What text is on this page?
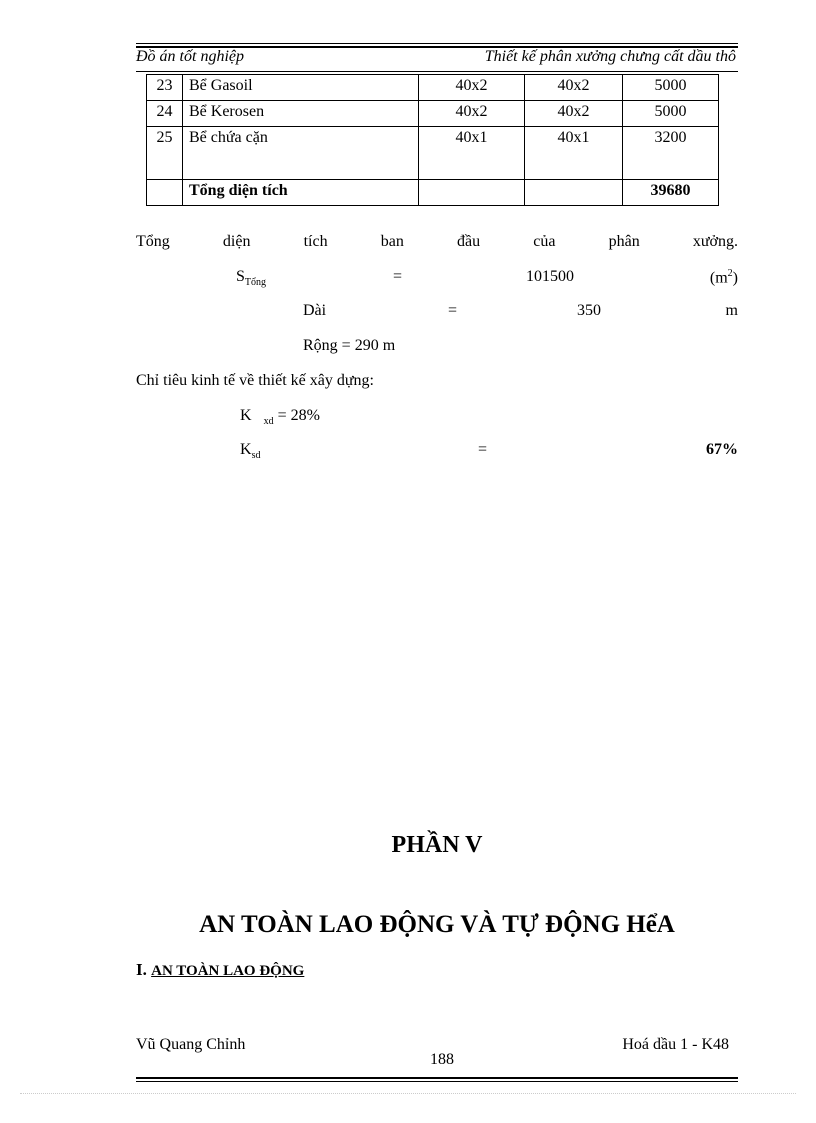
Đồ án tốt nghiệp	Thiết kế phân xưởng chưng cất dầu thô
23	Bể Gasoil	40x2	40x2	5000
24	Bể Kerosen	40x2	40x2	5000
25	Bể chứa cặn	40x1	40x1	3200
	Tổng diện tích			39680
Tổng	diện	tích	ban	đầu	của	phân	xưởng.
$S_{Tổng}$	=	101500	$(m^2)$
Dài	=	350	m
Rộng = 290 m
Chỉ tiêu kinh tế về thiết kế xây dựng:
K $_{xd}$ = 28%
$K_{sd}$	=	67%
PHẦN V
AN TOÀN LAO ĐỘNG VÀ TỰ ĐỘNG HểA
I. AN TOÀN LAO ĐỘNG
Vũ Quang Chỉnh
188
Hoá dầu 1 - K48
